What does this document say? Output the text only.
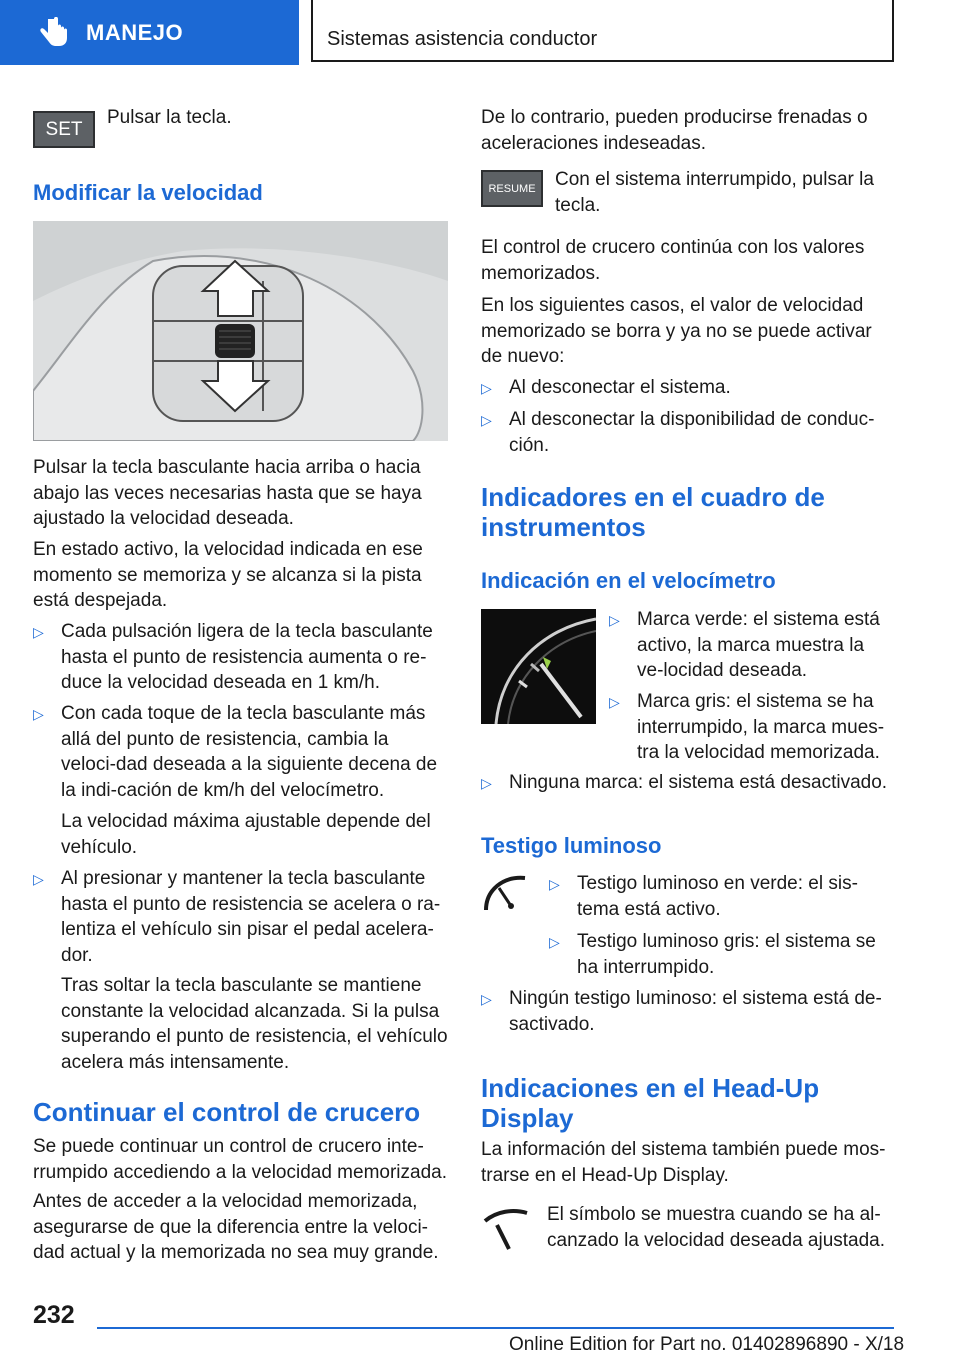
MANEJO	Sistemas asistencia conductor
SET

Pulsar la tecla.

Modificar la velocidad

Pulsar la tecla basculante hacia arriba o hacia abajo las veces necesarias hasta que se haya ajustado la velocidad deseada.

En estado activo, la velocidad indicada en ese momento se memoriza y se alcanza si la pista está despejada.

▷ Cada pulsación ligera de la tecla basculante hasta el punto de resistencia aumenta o re-duce la velocidad deseada en 1 km/h.
▷ Con cada toque de la tecla basculante más allá del punto de resistencia, cambia la veloci-dad deseada a la siguiente decena de la indi-cación de km/h del velocímetro.

La velocidad máxima ajustable depende del vehículo.

▷ Al presionar y mantener la tecla basculante hasta el punto de resistencia se acelera o ra-lentiza el vehículo sin pisar el pedal acelera-dor.

Tras soltar la tecla basculante se mantiene constante la velocidad alcanzada. Si la pulsa superando el punto de resistencia, el vehículo acelera más intensamente.

Continuar el control de crucero

Se puede continuar un control de crucero inte-rrumpido accediendo a la velocidad memorizada.

Antes de acceder a la velocidad memorizada, asegurarse de que la diferencia entre la veloci-dad actual y la memorizada no sea muy grande.

De lo contrario, pueden producirse frenadas o aceleraciones indeseadas.

RESUME Con el sistema interrumpido, pulsar la tecla.

El control de crucero continúa con los valores memorizados.

En los siguientes casos, el valor de velocidad memorizado se borra y ya no se puede activar de nuevo:

▷ Al desconectar el sistema.
▷ Al desconectar la disponibilidad de conduc-ción.
Indicadores en el cuadro de instrumentos
Indicación en el velocímetro
▷ Marca verde: el sistema está activo, la marca muestra la ve-locidad deseada.
▷ Marca gris: el sistema se ha interrumpido, la marca mues-tra la velocidad memorizada.
▷ Ninguna marca: el sistema está desactivado.
Testigo luminoso
▷ Testigo luminoso en verde: el sis-tema está activo.
▷ Testigo luminoso gris: el sistema se ha interrumpido.
▷ Ningún testigo luminoso: el sistema está de-sactivado.
Indicaciones en el Head-Up Display

La información del sistema también puede mos-trarse en el Head-Up Display.

El símbolo se muestra cuando se ha al-canzado la velocidad deseada ajustada.

232
Online Edition for Part no. 01402896890 - X/18
